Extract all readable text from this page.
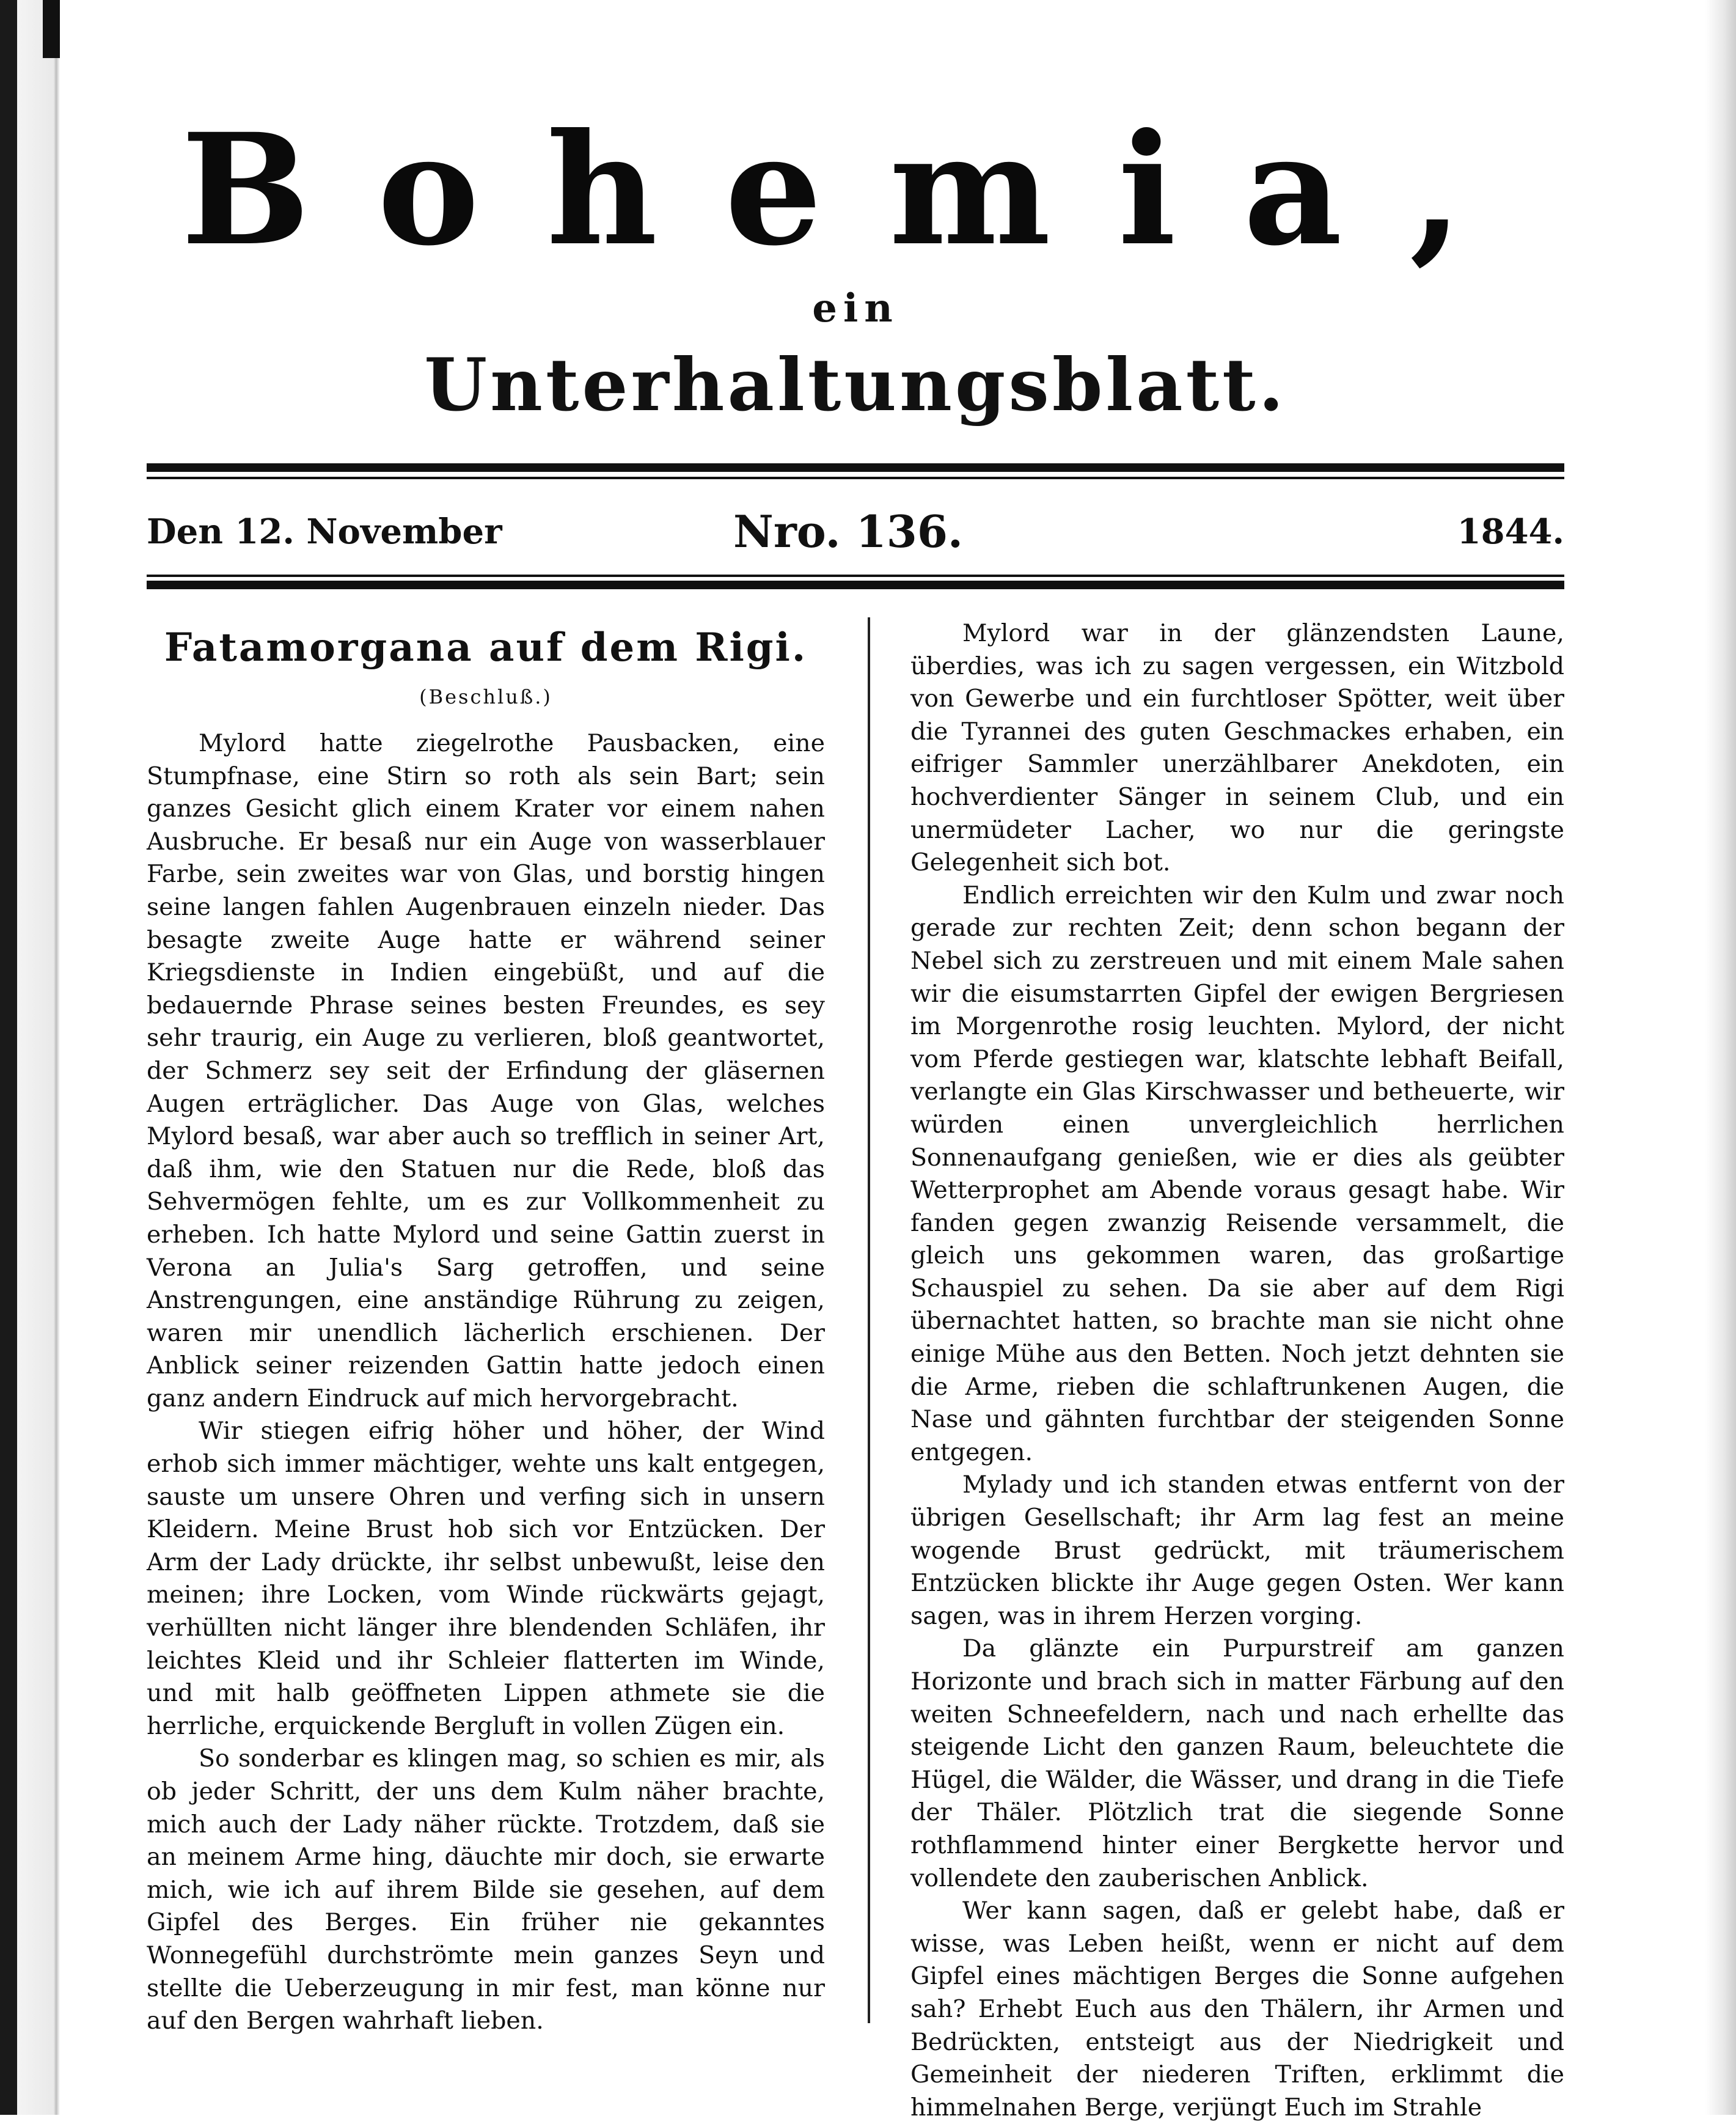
Bohemia,
ein
Unterhaltungsblatt.
Den 12. November	Nro. 136.	1844.
Fatamorgana auf dem Rigi.
(Beschluß.)

Mylord hatte ziegelrothe Pausbacken, eine Stumpfnase, eine Stirn so roth als sein Bart; sein ganzes Gesicht glich einem Krater vor einem nahen Ausbruche. Er besaß nur ein Auge von wasserblauer Farbe, sein zweites war von Glas, und borstig hingen seine langen fahlen Augenbrauen einzeln nieder. Das besagte zweite Auge hatte er während seiner Kriegsdienste in Indien eingebüßt, und auf die bedauernde Phrase seines besten Freundes, es sey sehr traurig, ein Auge zu verlieren, bloß geantwortet, der Schmerz sey seit der Erfindung der gläsernen Augen erträglicher. Das Auge von Glas, welches Mylord besaß, war aber auch so trefflich in seiner Art, daß ihm, wie den Statuen nur die Rede, bloß das Sehvermögen fehlte, um es zur Vollkommenheit zu erheben. Ich hatte Mylord und seine Gattin zuerst in Verona an Julia's Sarg getroffen, und seine Anstrengungen, eine anständige Rührung zu zeigen, waren mir unendlich lächerlich erschienen. Der Anblick seiner reizenden Gattin hatte jedoch einen ganz andern Eindruck auf mich hervorgebracht.

Wir stiegen eifrig höher und höher, der Wind erhob sich immer mächtiger, wehte uns kalt entgegen, sauste um unsere Ohren und verfing sich in unsern Kleidern. Meine Brust hob sich vor Entzücken. Der Arm der Lady drückte, ihr selbst unbewußt, leise den meinen; ihre Locken, vom Winde rückwärts gejagt, verhüllten nicht länger ihre blendenden Schläfen, ihr leichtes Kleid und ihr Schleier flatterten im Winde, und mit halb geöffneten Lippen athmete sie die herrliche, erquickende Bergluft in vollen Zügen ein.

So sonderbar es klingen mag, so schien es mir, als ob jeder Schritt, der uns dem Kulm näher brachte, mich auch der Lady näher rückte. Trotzdem, daß sie an meinem Arme hing, däuchte mir doch, sie erwarte mich, wie ich auf ihrem Bilde sie gesehen, auf dem Gipfel des Berges. Ein früher nie gekanntes Wonnegefühl durchströmte mein ganzes Seyn und stellte die Ueberzeugung in mir fest, man könne nur auf den Bergen wahrhaft lieben.

Mylord war in der glänzendsten Laune, überdies, was ich zu sagen vergessen, ein Witzbold von Gewerbe und ein furchtloser Spötter, weit über die Tyrannei des guten Geschmackes erhaben, ein eifriger Sammler unerzählbarer Anekdoten, ein hochverdienter Sänger in seinem Club, und ein unermüdeter Lacher, wo nur die geringste Gelegenheit sich bot.

Endlich erreichten wir den Kulm und zwar noch gerade zur rechten Zeit; denn schon begann der Nebel sich zu zerstreuen und mit einem Male sahen wir die eisumstarrten Gipfel der ewigen Bergriesen im Morgenrothe rosig leuchten. Mylord, der nicht vom Pferde gestiegen war, klatschte lebhaft Beifall, verlangte ein Glas Kirschwasser und betheuerte, wir würden einen unvergleichlich herrlichen Sonnenaufgang genießen, wie er dies als geübter Wetterprophet am Abende voraus gesagt habe. Wir fanden gegen zwanzig Reisende versammelt, die gleich uns gekommen waren, das großartige Schauspiel zu sehen. Da sie aber auf dem Rigi übernachtet hatten, so brachte man sie nicht ohne einige Mühe aus den Betten. Noch jetzt dehnten sie die Arme, rieben die schlaftrunkenen Augen, die Nase und gähnten furchtbar der steigenden Sonne entgegen.

Mylady und ich standen etwas entfernt von der übrigen Gesellschaft; ihr Arm lag fest an meine wogende Brust gedrückt, mit träumerischem Entzücken blickte ihr Auge gegen Osten. Wer kann sagen, was in ihrem Herzen vorging.

Da glänzte ein Purpurstreif am ganzen Horizonte und brach sich in matter Färbung auf den weiten Schneefeldern, nach und nach erhellte das steigende Licht den ganzen Raum, beleuchtete die Hügel, die Wälder, die Wässer, und drang in die Tiefe der Thäler. Plötzlich trat die siegende Sonne rothflammend hinter einer Bergkette hervor und vollendete den zauberischen Anblick.

Wer kann sagen, daß er gelebt habe, daß er wisse, was Leben heißt, wenn er nicht auf dem Gipfel eines mächtigen Berges die Sonne aufgehen sah? Erhebt Euch aus den Thälern, ihr Armen und Bedrückten, entsteigt aus der Niedrigkeit und Gemeinheit der niederen Triften, erklimmt die himmelnahen Berge, verjüngt Euch im Strahle
